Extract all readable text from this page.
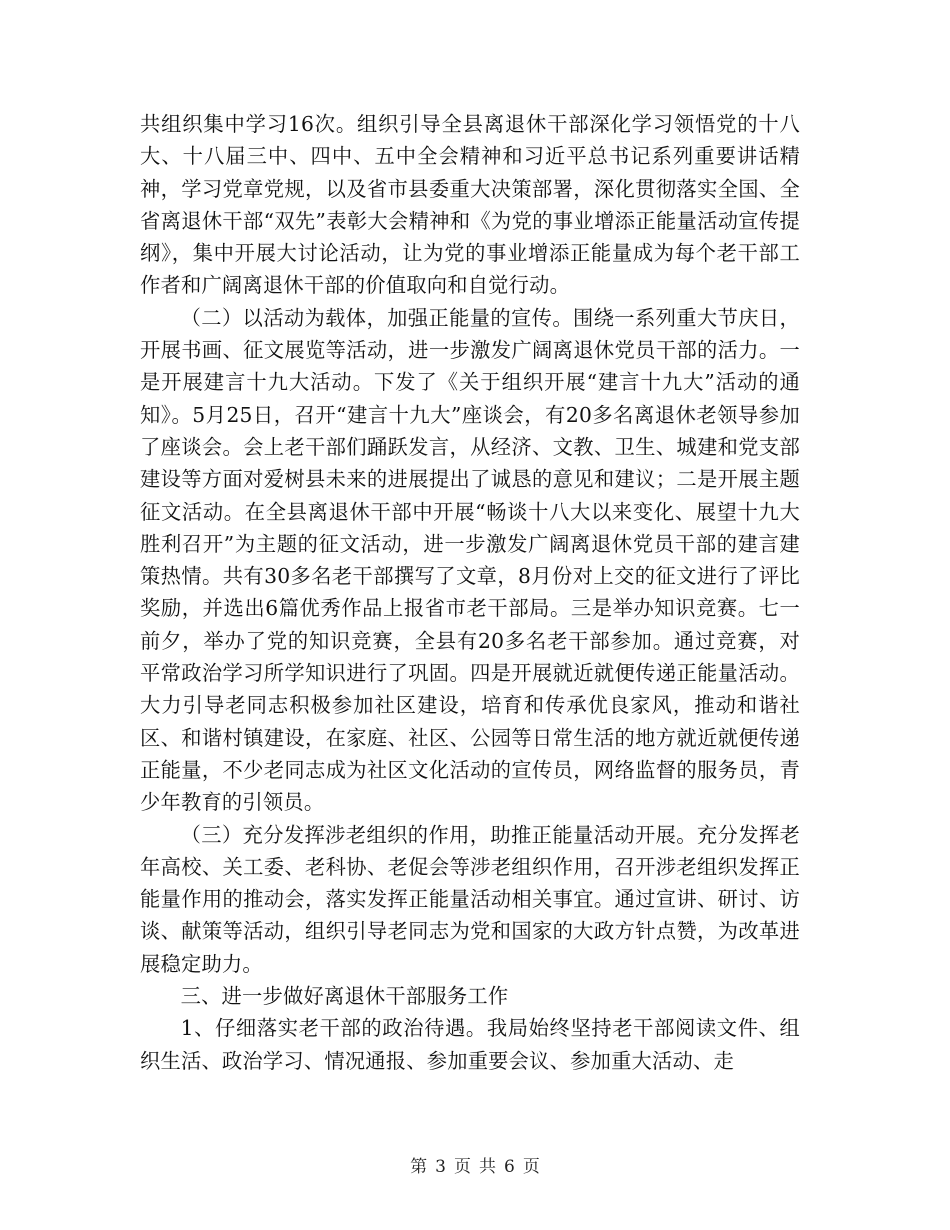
共组织集中学习16次。组织引导全县离退休干部深化学习领悟党的十八大、十八届三中、四中、五中全会精神和习近平总书记系列重要讲话精神，学习党章党规，以及省市县委重大决策部署，深化贯彻落实全国、全省离退休干部“双先”表彰大会精神和《为党的事业增添正能量活动宣传提纲》，集中开展大讨论活动，让为党的事业增添正能量成为每个老干部工作者和广阔离退休干部的价值取向和自觉行动。

（二）以活动为载体，加强正能量的宣传。围绕一系列重大节庆日，开展书画、征文展览等活动，进一步激发广阔离退休党员干部的活力。一是开展建言十九大活动。下发了《关于组织开展“建言十九大”活动的通知》。5月25日，召开“建言十九大”座谈会，有20多名离退休老领导参加了座谈会。会上老干部们踊跃发言，从经济、文教、卫生、城建和党支部建设等方面对爱树县未来的进展提出了诚恳的意见和建议；二是开展主题征文活动。在全县离退休干部中开展“畅谈十八大以来变化、展望十九大胜利召开”为主题的征文活动，进一步激发广阔离退休党员干部的建言建策热情。共有30多名老干部撰写了文章，8月份对上交的征文进行了评比奖励，并选出6篇优秀作品上报省市老干部局。三是举办知识竞赛。七一前夕，举办了党的知识竞赛，全县有20多名老干部参加。通过竞赛，对平常政治学习所学知识进行了巩固。四是开展就近就便传递正能量活动。大力引导老同志积极参加社区建设，培育和传承优良家风，推动和谐社区、和谐村镇建设，在家庭、社区、公园等日常生活的地方就近就便传递正能量，不少老同志成为社区文化活动的宣传员，网络监督的服务员，青少年教育的引领员。

（三）充分发挥涉老组织的作用，助推正能量活动开展。充分发挥老年高校、关工委、老科协、老促会等涉老组织作用，召开涉老组织发挥正能量作用的推动会，落实发挥正能量活动相关事宜。通过宣讲、研讨、访谈、献策等活动，组织引导老同志为党和国家的大政方针点赞，为改革进展稳定助力。

三、进一步做好离退休干部服务工作

1、仔细落实老干部的政治待遇。我局始终坚持老干部阅读文件、组织生活、政治学习、情况通报、参加重要会议、参加重大活动、走

第 3 页 共 6 页
